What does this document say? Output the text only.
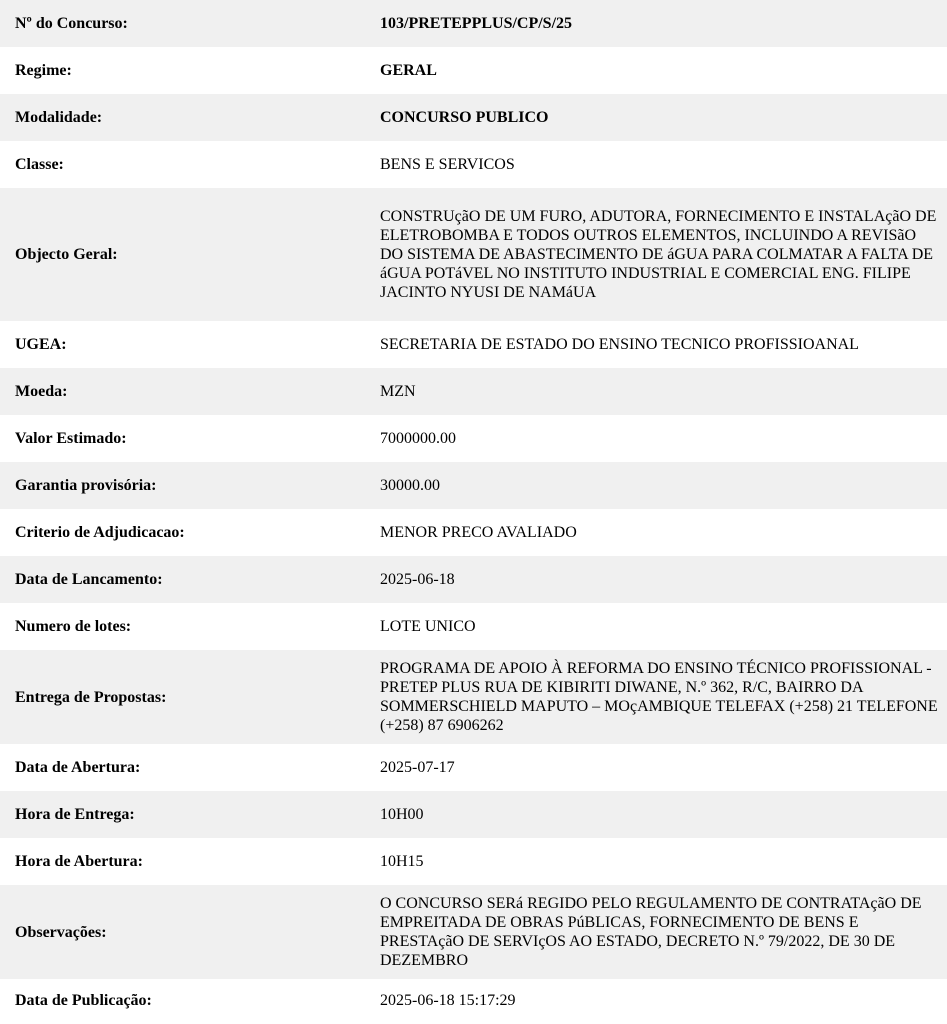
Nº do Concurso:	103/PRETEPPLUS/CP/S/25
Regime:	GERAL
Modalidade:	CONCURSO PUBLICO
Classe:	BENS E SERVICOS
Objecto Geral:	CONSTRUçãO DE UM FURO, ADUTORA, FORNECIMENTO E INSTALAçãO DE ELETROBOMBA E TODOS OUTROS ELEMENTOS, INCLUINDO A REVISãO DO SISTEMA DE ABASTECIMENTO DE áGUA PARA COLMATAR A FALTA DE áGUA POTáVEL NO INSTITUTO INDUSTRIAL E COMERCIAL ENG. FILIPE JACINTO NYUSI DE NAMáUA
UGEA:	SECRETARIA DE ESTADO DO ENSINO TECNICO PROFISSIOANAL
Moeda:	MZN
Valor Estimado:	7000000.00
Garantia provisória:	30000.00
Criterio de Adjudicacao:	MENOR PRECO AVALIADO
Data de Lancamento:	2025-06-18
Numero de lotes:	LOTE UNICO
Entrega de Propostas:	PROGRAMA DE APOIO À REFORMA DO ENSINO TÉCNICO PROFISSIONAL - PRETEP PLUS RUA DE KIBIRITI DIWANE, N.º 362, R/C, BAIRRO DA SOMMERSCHIELD MAPUTO – MOçAMBIQUE TELEFAX (+258) 21 TELEFONE (+258) 87 6906262
Data de Abertura:	2025-07-17
Hora de Entrega:	10H00
Hora de Abertura:	10H15
Observações:	O CONCURSO SERá REGIDO PELO REGULAMENTO DE CONTRATAçãO DE EMPREITADA DE OBRAS PúBLICAS, FORNECIMENTO DE BENS E PRESTAçãO DE SERVIçOS AO ESTADO, DECRETO N.º 79/2022, DE 30 DE DEZEMBRO
Data de Publicação:	2025-06-18 15:17:29
